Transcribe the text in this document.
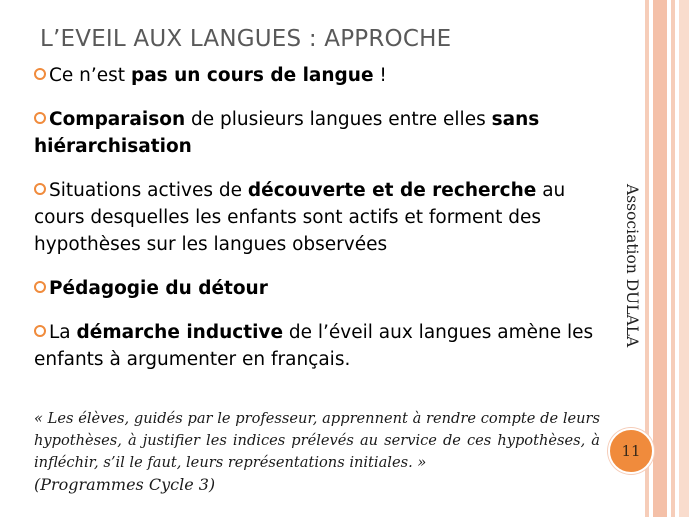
L’EVEIL AUX LANGUES : APPROCHE
Ce n’est pas un cours de langue !
Comparaison de plusieurs langues entre elles sans hiérarchisation
Situations actives de découverte et de recherche au cours desquelles les enfants sont actifs et forment des hypothèses sur les langues observées
Pédagogie du détour
La démarche inductive de l’éveil aux langues amène les enfants à argumenter en français.

« Les élèves, guidés par le professeur, apprennent à rendre compte de leurs hypothèses, à justifier les indices prélevés au service de ces hypothèses, à infléchir, s’il le faut, leurs représentations initiales. »
(Programmes Cycle 3)

Association DULALA
11
